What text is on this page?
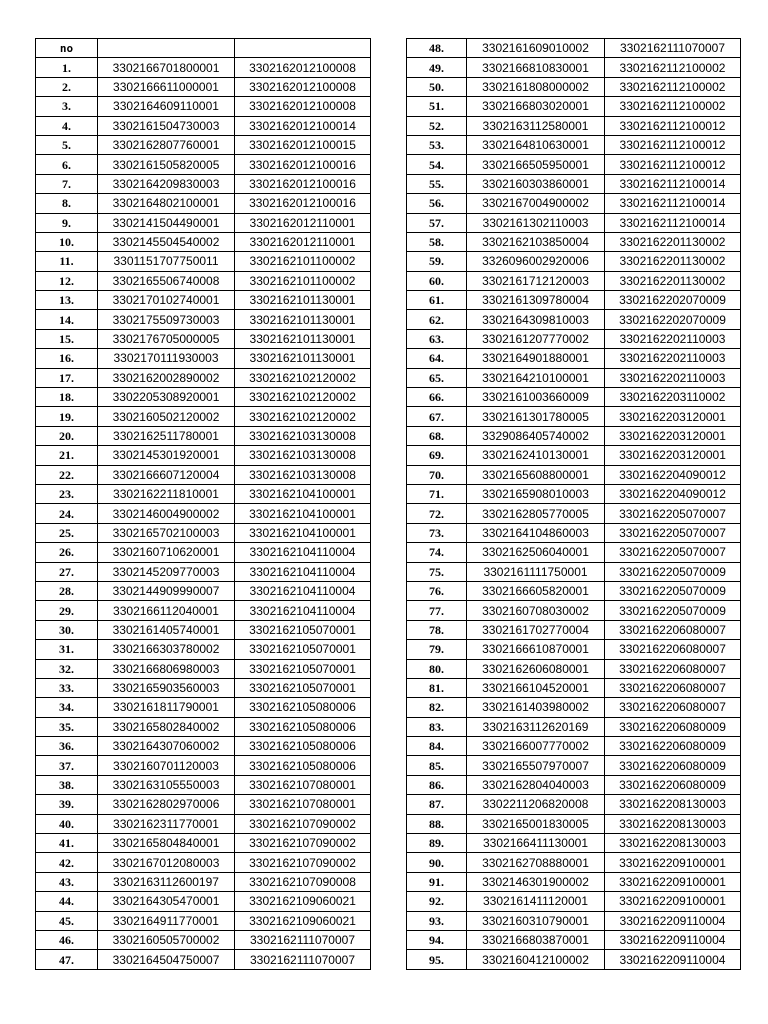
no		
1.	3302166701800001	3302162012100008
2.	3302166611000001	3302162012100008
3.	3302164609110001	3302162012100008
4.	3302161504730003	3302162012100014
5.	3302162807760001	3302162012100015
6.	3302161505820005	3302162012100016
7.	3302164209830003	3302162012100016
8.	3302164802100001	3302162012100016
9.	3302141504490001	3302162012110001
10.	3302145504540002	3302162012110001
11.	3301151707750011	3302162101100002
12.	3302165506740008	3302162101100002
13.	3302170102740001	3302162101130001
14.	3302175509730003	3302162101130001
15.	3302176705000005	3302162101130001
16.	3302170111930003	3302162101130001
17.	3302162002890002	3302162102120002
18.	3302205308920001	3302162102120002
19.	3302160502120002	3302162102120002
20.	3302162511780001	3302162103130008
21.	3302145301920001	3302162103130008
22.	3302166607120004	3302162103130008
23.	3302162211810001	3302162104100001
24.	3302146004900002	3302162104100001
25.	3302165702100003	3302162104100001
26.	3302160710620001	3302162104110004
27.	3302145209770003	3302162104110004
28.	3302144909990007	3302162104110004
29.	3302166112040001	3302162104110004
30.	3302161405740001	3302162105070001
31.	3302166303780002	3302162105070001
32.	3302166806980003	3302162105070001
33.	3302165903560003	3302162105070001
34.	3302161811790001	3302162105080006
35.	3302165802840002	3302162105080006
36.	3302164307060002	3302162105080006
37.	3302160701120003	3302162105080006
38.	3302163105550003	3302162107080001
39.	3302162802970006	3302162107080001
40.	3302162311770001	3302162107090002
41.	3302165804840001	3302162107090002
42.	3302167012080003	3302162107090002
43.	3302163112600197	3302162107090008
44.	3302164305470001	3302162109060021
45.	3302164911770001	3302162109060021
46.	3302160505700002	3302162111070007
47.	3302164504750007	3302162111070007
48.	3302161609010002	3302162111070007
49.	3302166810830001	3302162112100002
50.	3302161808000002	3302162112100002
51.	3302166803020001	3302162112100002
52.	3302163112580001	3302162112100012
53.	3302164810630001	3302162112100012
54.	3302166505950001	3302162112100012
55.	3302160303860001	3302162112100014
56.	3302167004900002	3302162112100014
57.	3302161302110003	3302162112100014
58.	3302162103850004	3302162201130002
59.	3326096002920006	3302162201130002
60.	3302161712120003	3302162201130002
61.	3302161309780004	3302162202070009
62.	3302164309810003	3302162202070009
63.	3302161207770002	3302162202110003
64.	3302164901880001	3302162202110003
65.	3302164210100001	3302162202110003
66.	3302161003660009	3302162203110002
67.	3302161301780005	3302162203120001
68.	3329086405740002	3302162203120001
69.	3302162410130001	3302162203120001
70.	3302165608800001	3302162204090012
71.	3302165908010003	3302162204090012
72.	3302162805770005	3302162205070007
73.	3302164104860003	3302162205070007
74.	3302162506040001	3302162205070007
75.	3302161111750001	3302162205070009
76.	3302166605820001	3302162205070009
77.	3302160708030002	3302162205070009
78.	3302161702770004	3302162206080007
79.	3302166610870001	3302162206080007
80.	3302162606080001	3302162206080007
81.	3302166104520001	3302162206080007
82.	3302161403980002	3302162206080007
83.	3302163112620169	3302162206080009
84.	3302166007770002	3302162206080009
85.	3302165507970007	3302162206080009
86.	3302162804040003	3302162206080009
87.	3302211206820008	3302162208130003
88.	3302165001830005	3302162208130003
89.	3302166411130001	3302162208130003
90.	3302162708880001	3302162209100001
91.	3302146301900002	3302162209100001
92.	3302161411120001	3302162209100001
93.	3302160310790001	3302162209110004
94.	3302166803870001	3302162209110004
95.	3302160412100002	3302162209110004
